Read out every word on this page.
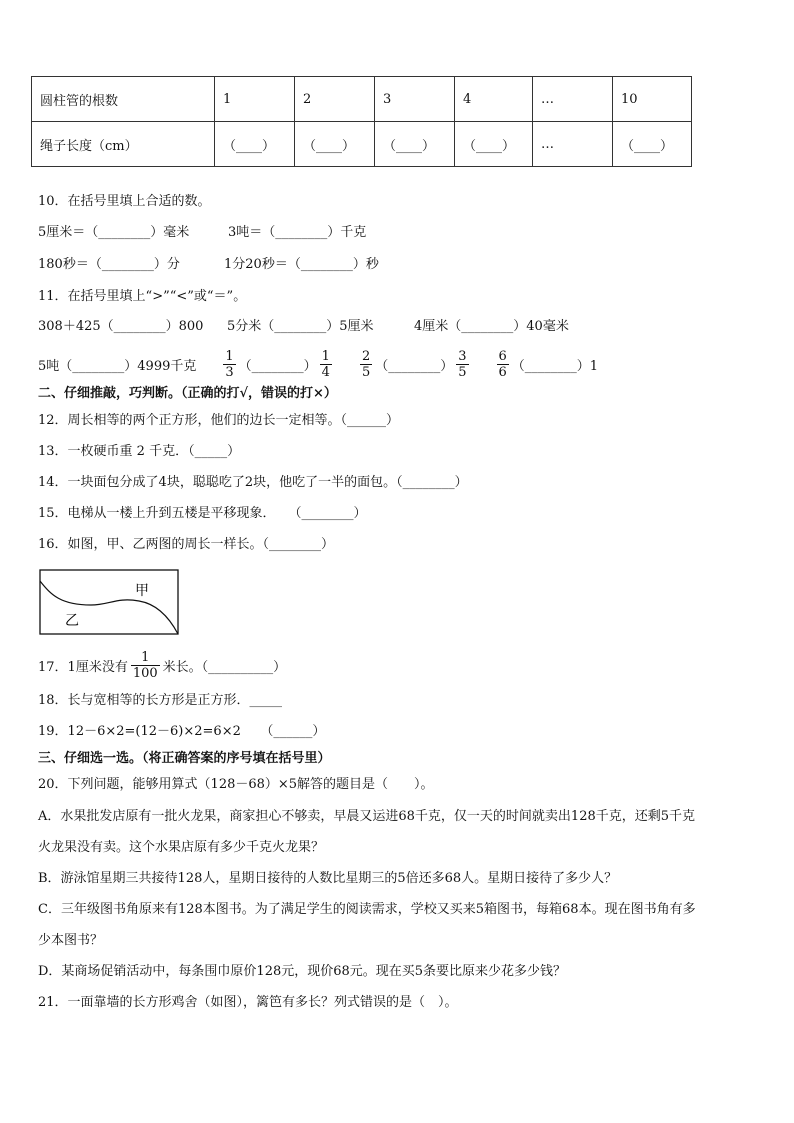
圆柱管的根数	1	2	3	4	…	10
绳子长度（cm）	（____）	（____）	（____）	（____）	…	（____）
10．在括号里填上合适的数。
5厘米＝（________）毫米	3吨＝（________）千克
180秒＝（________）分	1分20秒＝（________）秒
11．在括号里填上“>”“<”或“＝”。
308＋425（________）800 5分米（________）5厘米	4厘米（________）40毫米
5吨（________）4999千克 $\frac{1}{3}$ （________） $\frac{1}{4} \frac{2}{5}$ （________） $\frac{3}{5} \frac{6}{6}$ （________）1
二、仔细推敲，巧判断。（正确的打√，错误的打×）
12．周长相等的两个正方形，他们的边长一定相等。（______）
13．一枚硬币重 2 千克．（_____）
14．一块面包分成了4块，聪聪吃了2块，他吃了一半的面包。（________）
15．电梯从一楼上升到五楼是平移现象．　　（________）
16．如图，甲、乙两图的周长一样长。（________）
甲
乙
17．1厘米没有 $\frac{1}{100}$ 米长。（__________）
18．长与宽相等的长方形是正方形．_____
19．12－6×2=(12－6)×2=6×2　　（______）
三、仔细选一选。（将正确答案的序号填在括号里）
20．下列问题，能够用算式（128－68）×5解答的题目是（　　）。
A．水果批发店原有一批火龙果，商家担心不够卖，早晨又运进68千克，仅一天的时间就卖出128千克，还剩5千克
火龙果没有卖。这个水果店原有多少千克火龙果？
B．游泳馆星期三共接待128人，星期日接待的人数比星期三的5倍还多68人。星期日接待了多少人？
C．三年级图书角原来有128本图书。为了满足学生的阅读需求，学校又买来5箱图书，每箱68本。现在图书角有多
少本图书？
D．某商场促销活动中，每条围巾原价128元，现价68元。现在买5条要比原来少花多少钱？
21．一面靠墙的长方形鸡舍（如图），篱笆有多长？列式错误的是（　）。
